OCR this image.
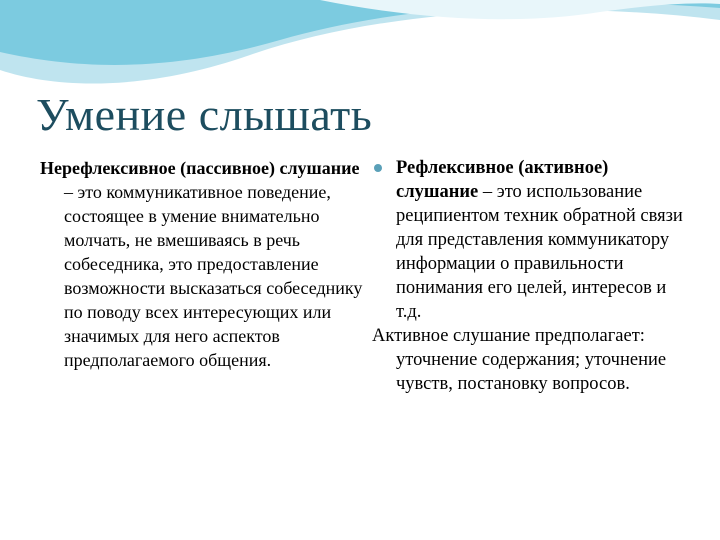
Умение слышать

Нерефлексивное (пассивное) слушание – это коммуникативное поведение, состоящее в умение внимательно молчать, не вмешиваясь в речь собеседника, это предоставление возможности высказаться собеседнику по поводу всех интересующих или значимых для него аспектов предполагаемого общения.

Рефлексивное (активное) слушание – это использование реципиентом техник обратной связи для представления коммуникатору информации о правильности понимания его целей, интересов и т.д.

Активное слушание предполагает: уточнение содержания; уточнение чувств, постановку вопросов.
